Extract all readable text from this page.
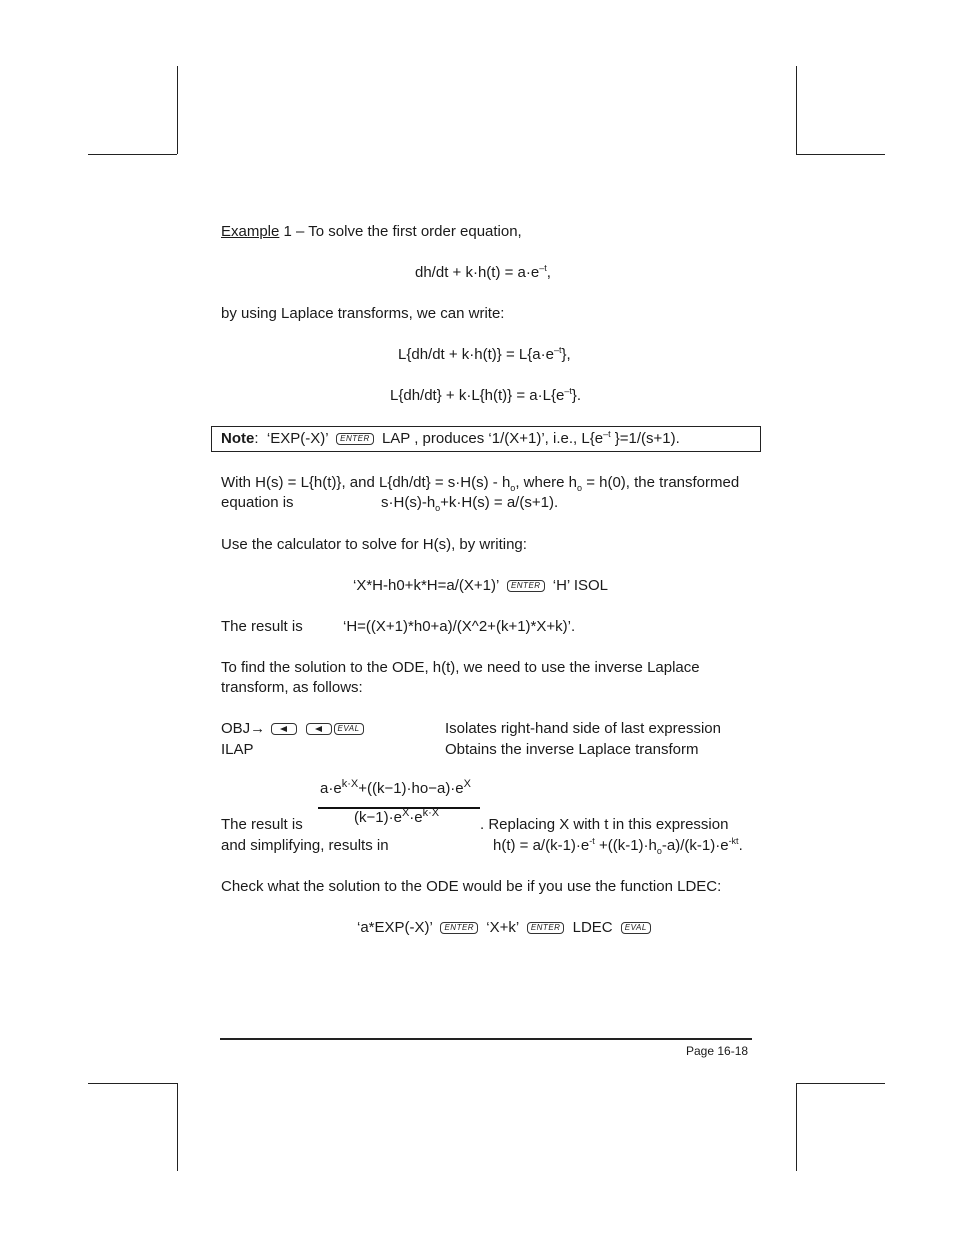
Example 1 – To solve the first order equation,
$dh/dt + k\cdot h(t) = a\cdot e^{-t}$,
by using Laplace transforms, we can write:
$L\{dh/dt + k\cdot h(t)\} = L\{a\cdot e^{-t}\}$,
$L\{dh/dt\} + k\cdot L\{h(t)\} = a\cdot L\{e^{-t}\}$.
Note: ‘EXP(-X)’ ENTER LAP , produces ‘1/(X+1)’, i.e., $L\{e^{-t}$ }=1/(s+1).
With H(s) = L{h(t)}, and $L\{dh/dt\} = s\cdot H(s) - h_o$, where $h_o = h(0)$, the transformed
equation is	$s\cdot H(s)-h_o+k\cdot H(s) = a/(s+1)$.
Use the calculator to solve for H(s), by writing:
‘X*H-h0+k*H=a/(X+1)’ ENTER ‘H’ ISOL
The result is	‘H=((X+1)*h0+a)/(X^2+(k+1)*X+k)’.
To find the solution to the ODE, h(t), we need to use the inverse Laplace
transform, as follows:
OBJ→	EVAL	Isolates right-hand side of last expression
ILAP	Obtains the inverse Laplace transform
$a\cdot e^{k\cdot X}+((k-1)\cdot ho-a)\cdot e^X$
$(k-1)\cdot e^X\cdot e^{k\cdot X}$
The result is	. Replacing X with t in this expression
and simplifying, results in	$h(t) = a/(k-1)\cdot e^{-t} +((k-1)\cdot h_o-a)/(k-1)\cdot e^{-kt}$.
Check what the solution to the ODE would be if you use the function LDEC:
‘a*EXP(-X)’ ENTER ‘X+k’ ENTER LDEC EVAL
Page 16-18
